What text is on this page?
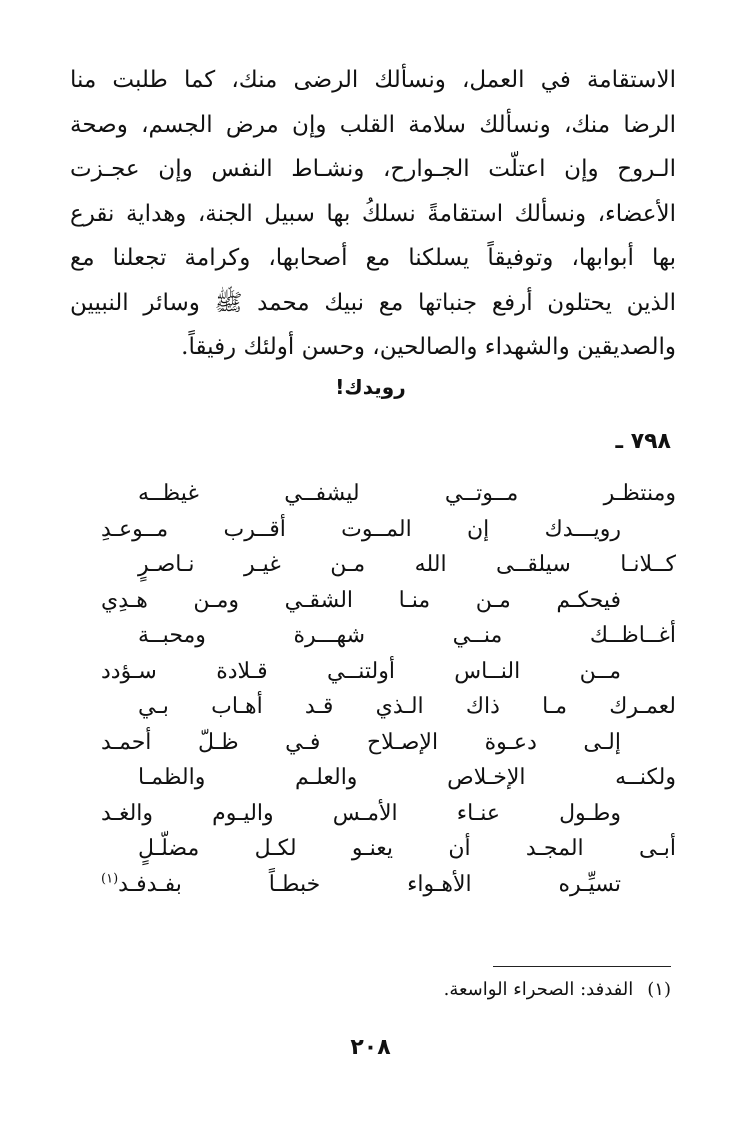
الاستقامة في العمل، ونسألك الرضى منك، كما طلبت منا
الرضا منك، ونسألك سلامة القلب وإن مرض الجسم، وصحة
الـروح وإن اعتلّت الجـوارح، ونشـاط النفس وإن عجـزت
الأعضاء، ونسألك استقامةً نسلكُ بها سبيل الجنة، وهداية نقرع
بها أبوابها، وتوفيقاً يسلكنا مع أصحابها، وكرامة تجعلنا مع
الذين يحتلون أرفع جنباتها مع نبيك محمد ﷺ وسائر النبيين
والصديقين والشهداء والصالحين، وحسن أولئك رفيقاً.
رويدك!
٧٩٨ ـ
ومنتظـر مــوتــي ليشفــي غيظــه
رويـــدك إن المــوت أقــرب مــوعـدِ
كــلانـا سيلقــى الله مـن غيـر نـاصـرٍ
فيحكـم مـن منـا الشقـي ومـن هـدِي
أغــاظــك منــي شهـــرة ومحبــة
مــن النــاس أولتنــي قـلادة سـؤدد
لعمـرك مـا ذاك الـذي قـد أهـاب بـي
إلـى دعـوة الإصـلاح فـي ظـلّ أحمـد
ولكنــه الإخـلاص والعلـم والظمـا
وطـول عنـاء الأمـس واليـوم والغـد
أبـى المجـد أن يعنـو لكـل مضلّـلٍ
تسيِّـره الأهـواء خبطـاً بفـدفـد$^{(١)}$
(١)الفدفد: الصحراء الواسعة.
٢٠٨
